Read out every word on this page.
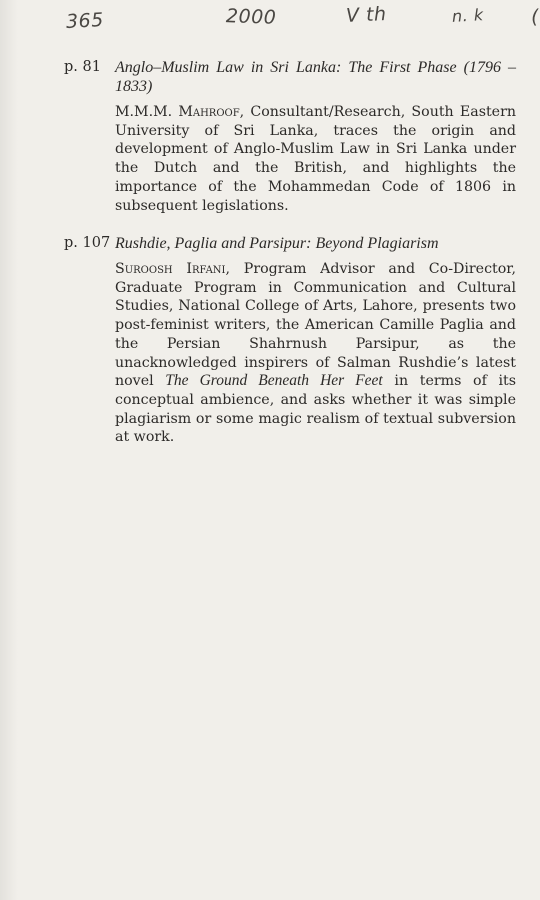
365	2000	V th	n. k (
p. 81 Anglo–Muslim Law in Sri Lanka: The First Phase (1796 – 1833)
M.M.M. Mahroof, Consultant/Research, South Eastern University of Sri Lanka, traces the origin and development of Anglo-Muslim Law in Sri Lanka under the Dutch and the British, and highlights the importance of the Mohammedan Code of 1806 in subsequent legislations.
p. 107 Rushdie, Paglia and Parsipur: Beyond Plagiarism
Suroosh Irfani, Program Advisor and Co-Director, Graduate Program in Communication and Cultural Studies, National College of Arts, Lahore, presents two post-feminist writers, the American Camille Paglia and the Persian Shahrnush Parsipur, as the unacknowledged inspirers of Salman Rushdie’s latest novel The Ground Beneath Her Feet in terms of its conceptual ambience, and asks whether it was simple plagiarism or some magic realism of textual subversion at work.
